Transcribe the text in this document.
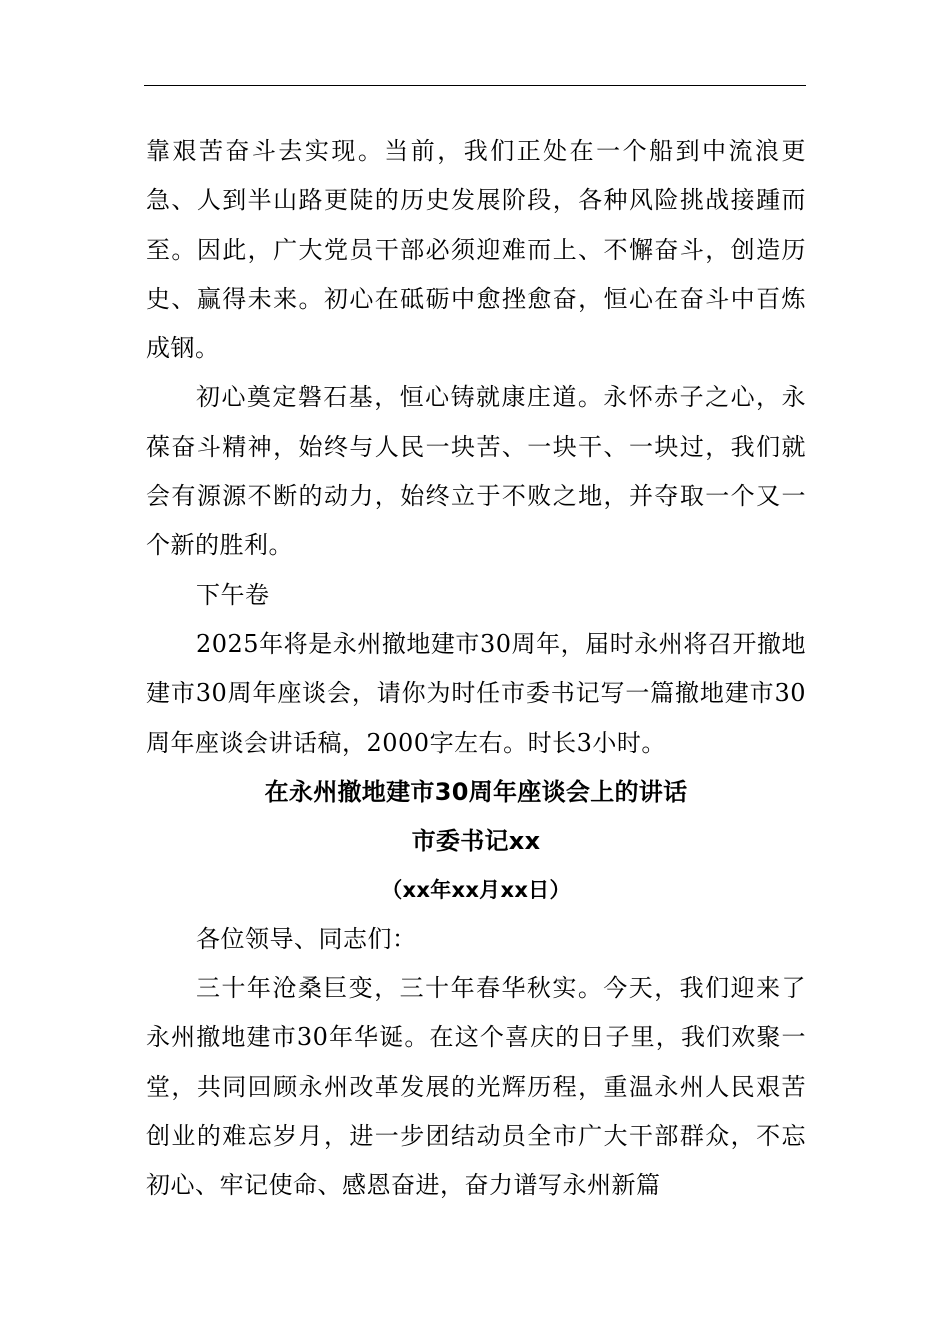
靠艰苦奋斗去实现。当前，我们正处在一个船到中流浪更急、人到半山路更陡的历史发展阶段，各种风险挑战接踵而至。因此，广大党员干部必须迎难而上、不懈奋斗，创造历史、赢得未来。初心在砥砺中愈挫愈奋，恒心在奋斗中百炼成钢。

初心奠定磐石基，恒心铸就康庄道。永怀赤子之心，永葆奋斗精神，始终与人民一块苦、一块干、一块过，我们就会有源源不断的动力，始终立于不败之地，并夺取一个又一个新的胜利。

下午卷

2025年将是永州撤地建市30周年，届时永州将召开撤地建市30周年座谈会，请你为时任市委书记写一篇撤地建市30周年座谈会讲话稿，2000字左右。时长3小时。

在永州撤地建市30周年座谈会上的讲话

市委书记xx

（xx年xx月xx日）

各位领导、同志们：

三十年沧桑巨变，三十年春华秋实。今天，我们迎来了永州撤地建市30年华诞。在这个喜庆的日子里，我们欢聚一堂，共同回顾永州改革发展的光辉历程，重温永州人民艰苦创业的难忘岁月，进一步团结动员全市广大干部群众，不忘初心、牢记使命、感恩奋进，奋力谱写永州新篇
